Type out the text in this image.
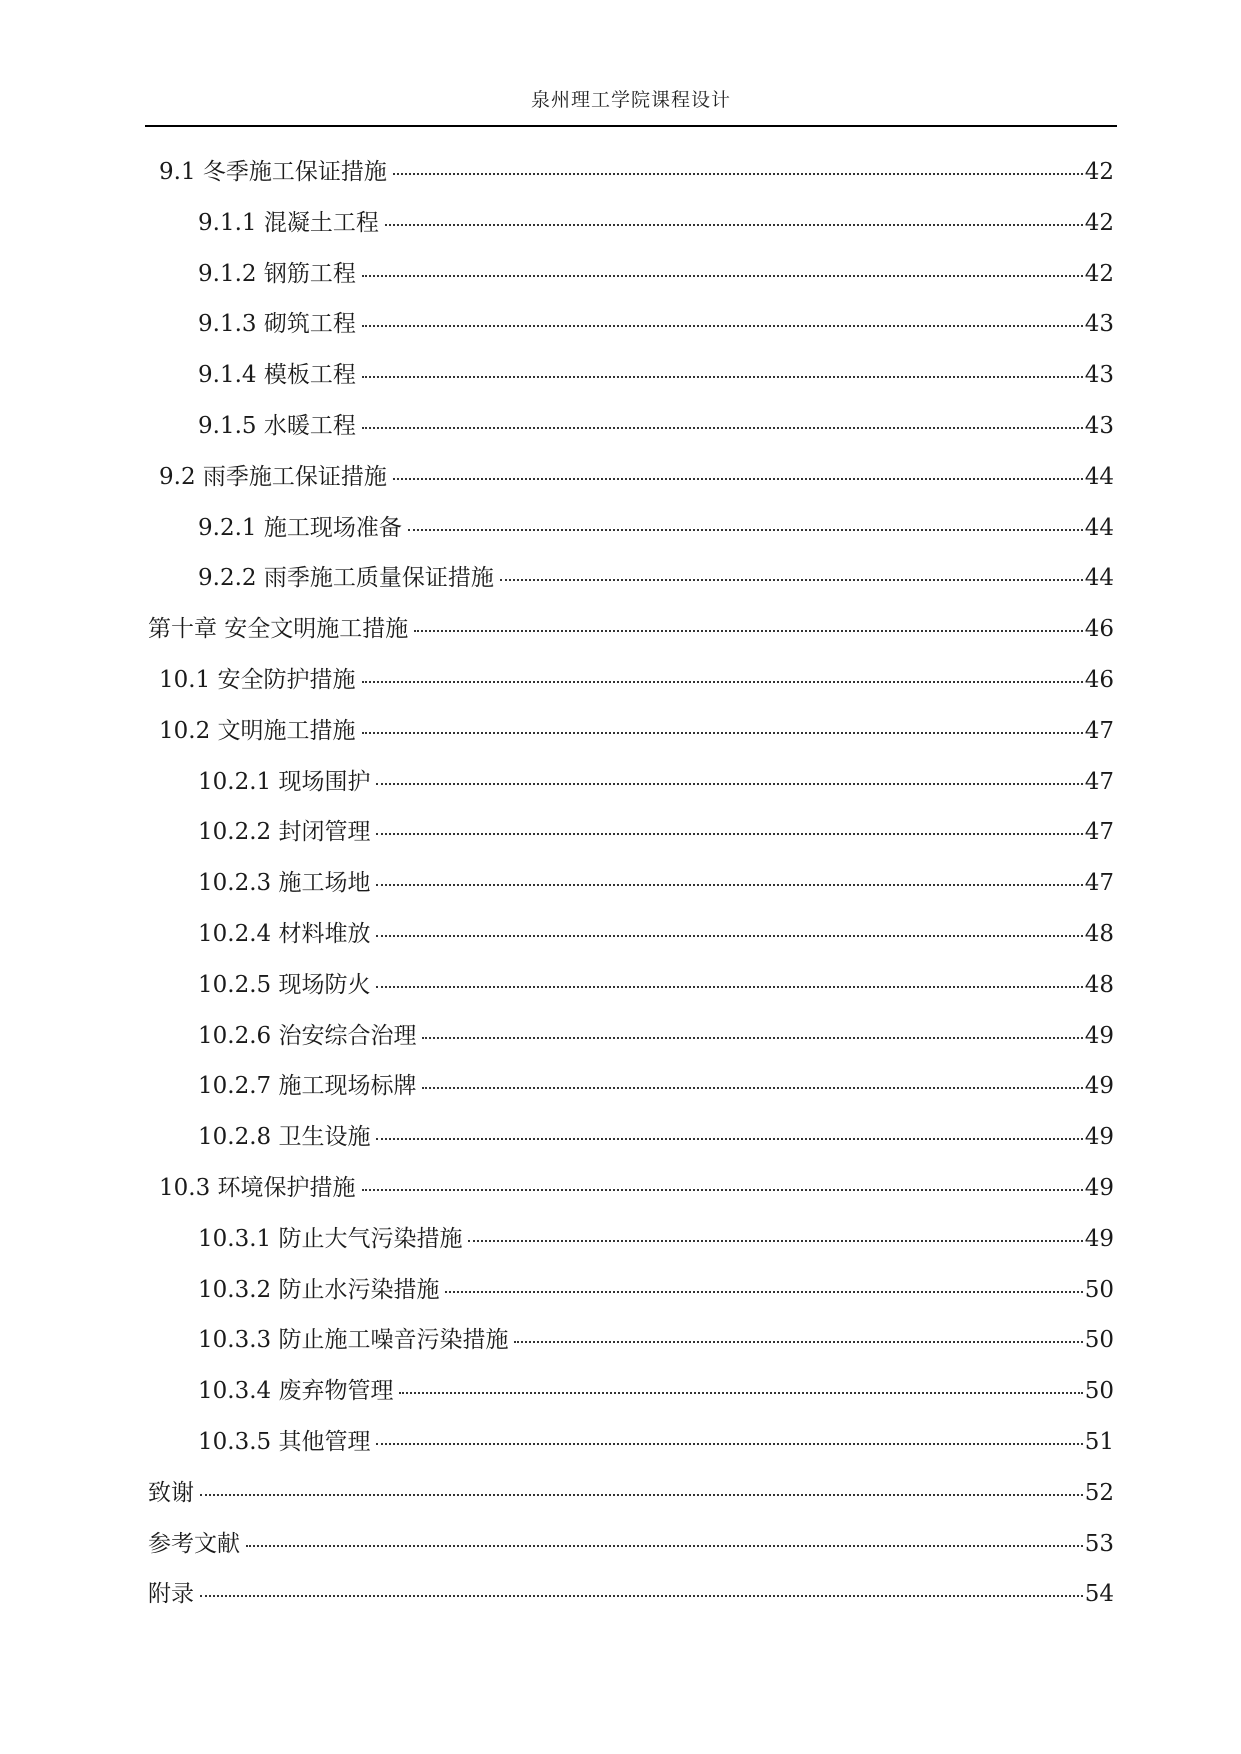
泉州理工学院课程设计
9.1 冬季施工保证措施	42
9.1.1 混凝土工程	42
9.1.2 钢筋工程	42
9.1.3 砌筑工程	43
9.1.4 模板工程	43
9.1.5 水暖工程	43
9.2 雨季施工保证措施	44
9.2.1 施工现场准备	44
9.2.2 雨季施工质量保证措施	44
第十章 安全文明施工措施	46
10.1 安全防护措施	46
10.2 文明施工措施	47
10.2.1 现场围护	47
10.2.2 封闭管理	47
10.2.3 施工场地	47
10.2.4 材料堆放	48
10.2.5 现场防火	48
10.2.6 治安综合治理	49
10.2.7 施工现场标牌	49
10.2.8 卫生设施	49
10.3 环境保护措施	49
10.3.1 防止大气污染措施	49
10.3.2 防止水污染措施	50
10.3.3 防止施工噪音污染措施	50
10.3.4 废弃物管理	50
10.3.5 其他管理	51
致谢	52
参考文献	53
附录	54
